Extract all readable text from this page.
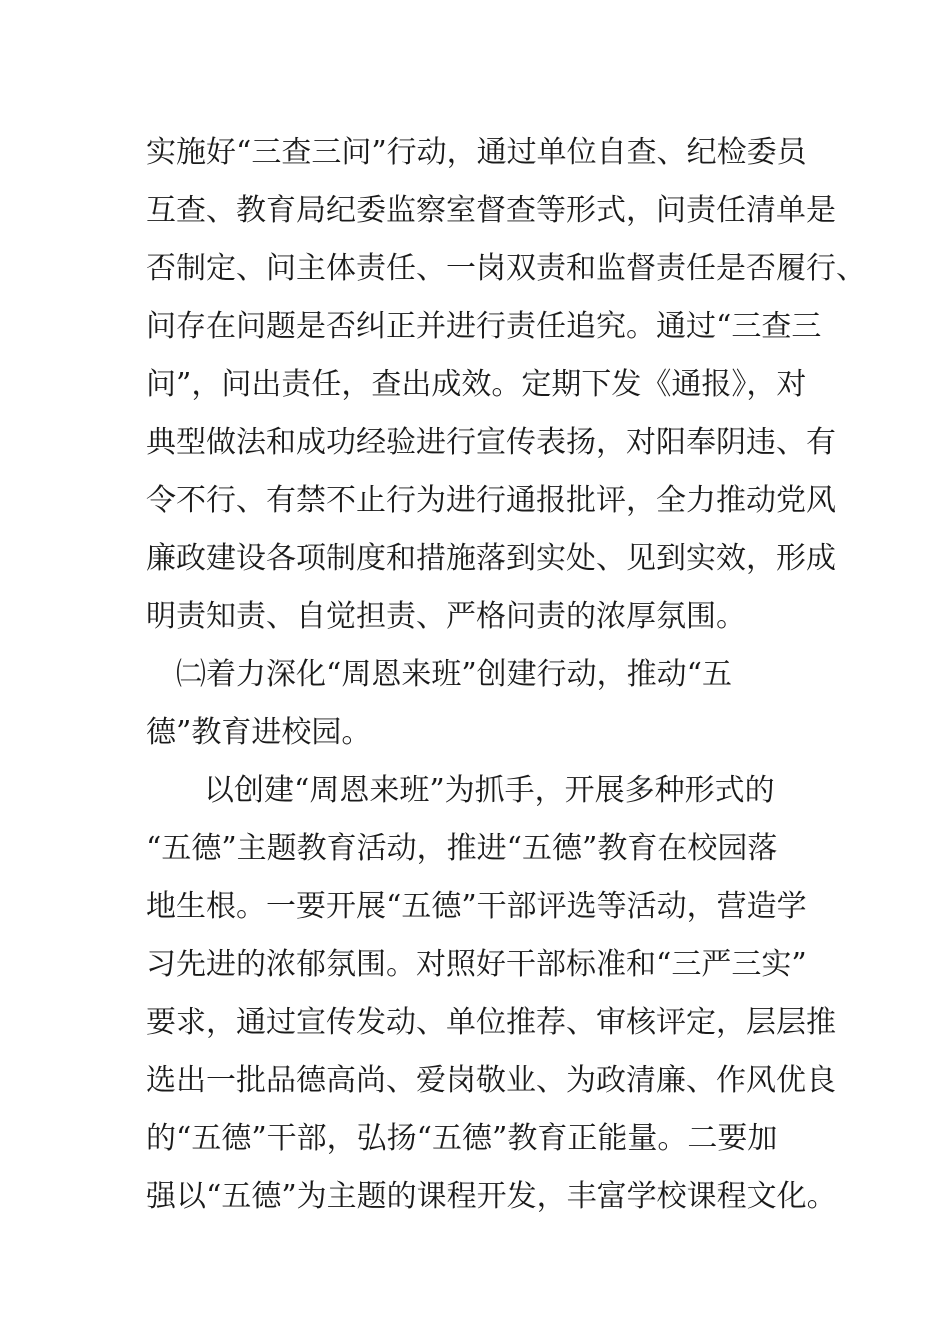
实施好“三查三问”行动，通过单位自查、纪检委员
互查、教育局纪委监察室督查等形式，问责任清单是
否制定、问主体责任、一岗双责和监督责任是否履行、
问存在问题是否纠正并进行责任追究。通过“三查三
问”，问出责任，查出成效。定期下发《通报》，对
典型做法和成功经验进行宣传表扬，对阳奉阴违、有
令不行、有禁不止行为进行通报批评，全力推动党风
廉政建设各项制度和措施落到实处、见到实效，形成
明责知责、自觉担责、严格问责的浓厚氛围。
㈡着力深化“周恩来班”创建行动，推动“五
德”教育进校园。
以创建“周恩来班”为抓手，开展多种形式的
“五德”主题教育活动，推进“五德”教育在校园落
地生根。一要开展“五德”干部评选等活动，营造学
习先进的浓郁氛围。对照好干部标准和“三严三实”
要求，通过宣传发动、单位推荐、审核评定，层层推
选出一批品德高尚、爱岗敬业、为政清廉、作风优良
的“五德”干部，弘扬“五德”教育正能量。二要加
强以“五德”为主题的课程开发，丰富学校课程文化。
